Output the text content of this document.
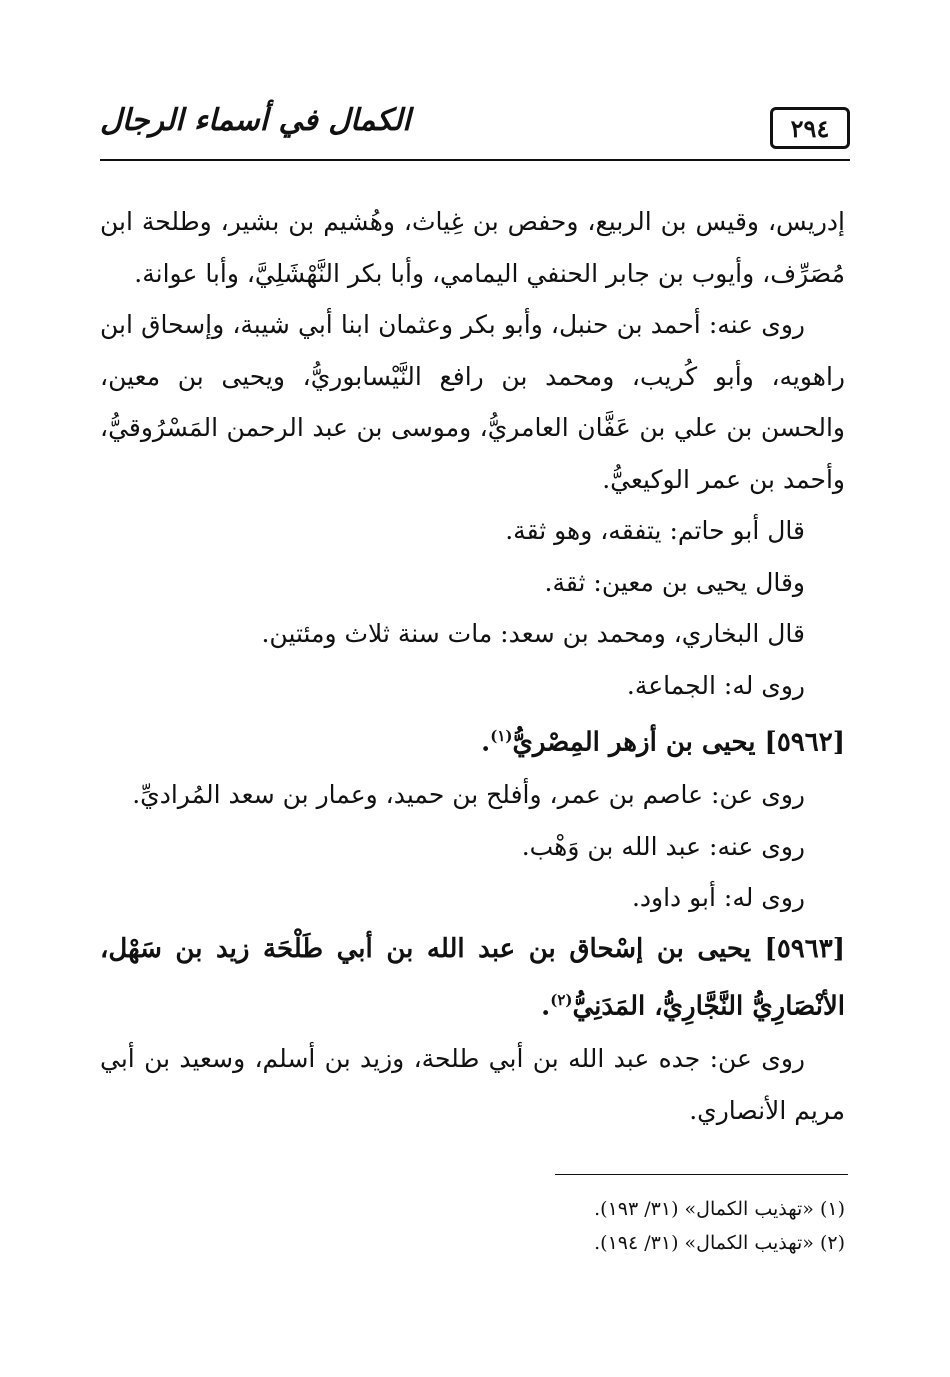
الكمال في أسماء الرجال	٢٩٤

إدريس، وقيس بن الربيع، وحفص بن غِياث، وهُشيم بن بشير، وطلحة ابن مُصَرِّف، وأيوب بن جابر الحنفي اليمامي، وأبا بكر النَّهْشَلِيَّ، وأبا عوانة.

روى عنه: أحمد بن حنبل، وأبو بكر وعثمان ابنا أبي شيبة، وإسحاق ابن راهويه، وأبو كُريب، ومحمد بن رافع النَّيْسابوريُّ، ويحيى بن معين، والحسن بن علي بن عَفَّان العامريُّ، وموسى بن عبد الرحمن المَسْرُوقيُّ، وأحمد بن عمر الوكيعيُّ.

قال أبو حاتم: يتفقه، وهو ثقة.

وقال يحيى بن معين: ثقة.

قال البخاري، ومحمد بن سعد: مات سنة ثلاث ومئتين.

روى له: الجماعة.

[٥٩٦٢] يحيى بن أزهر المِصْريُّ$^{(١)}$.

روى عن: عاصم بن عمر، وأفلح بن حميد، وعمار بن سعد المُراديِّ.

روى عنه: عبد الله بن وَهْب.

روى له: أبو داود.

[٥٩٦٣] يحيى بن إسْحاق بن عبد الله بن أبي طَلْحَة زيد بن سَهْل، الأنْصَارِيُّ النَّجَّارِيُّ، المَدَنِيُّ$^{(٢)}$.

روى عن: جده عبد الله بن أبي طلحة، وزيد بن أسلم، وسعيد بن أبي مريم الأنصاري.

(١) «تهذيب الكمال» (٣١/ ١٩٣).

(٢) «تهذيب الكمال» (٣١/ ١٩٤).
